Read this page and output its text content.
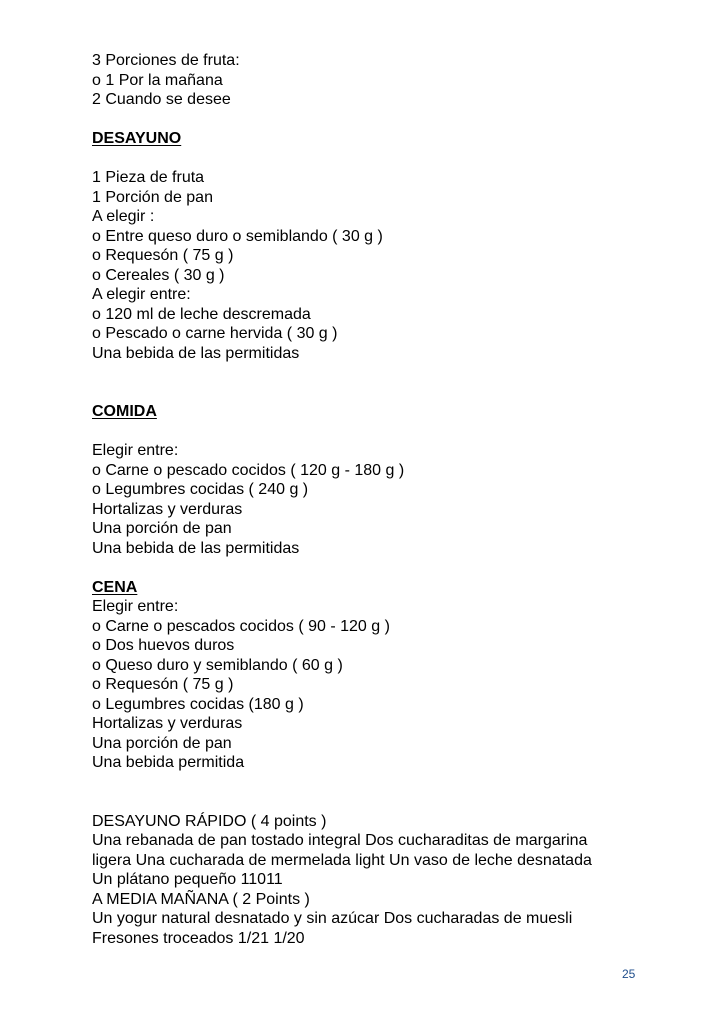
3 Porciones de fruta:
o 1 Por la mañana
2 Cuando se desee
DESAYUNO
1 Pieza de fruta
1 Porción de pan
A elegir :
o Entre queso duro o semiblando ( 30 g )
o Requesón ( 75 g )
o Cereales ( 30 g )
A elegir entre:
o 120 ml de leche descremada
o Pescado o carne hervida ( 30 g )
Una bebida de las permitidas
COMIDA
Elegir entre:
o Carne o pescado cocidos ( 120 g - 180 g )
o Legumbres cocidas ( 240 g )
Hortalizas y verduras
Una porción de pan
Una bebida de las permitidas
CENA
Elegir entre:
o Carne o pescados cocidos ( 90 - 120 g )
o Dos huevos duros
o Queso duro y semiblando ( 60 g )
o Requesón ( 75 g )
o Legumbres cocidas (180 g )
Hortalizas y verduras
Una porción de pan
Una bebida permitida
DESAYUNO RÁPIDO ( 4 points )
Una rebanada de pan tostado integral Dos cucharaditas de margarina
ligera Una cucharada de mermelada light Un vaso de leche desnatada
Un plátano pequeño 11011
A MEDIA MAÑANA ( 2 Points )
Un yogur natural desnatado y sin azúcar Dos cucharadas de muesli
Fresones troceados 1/21 1/20
25
